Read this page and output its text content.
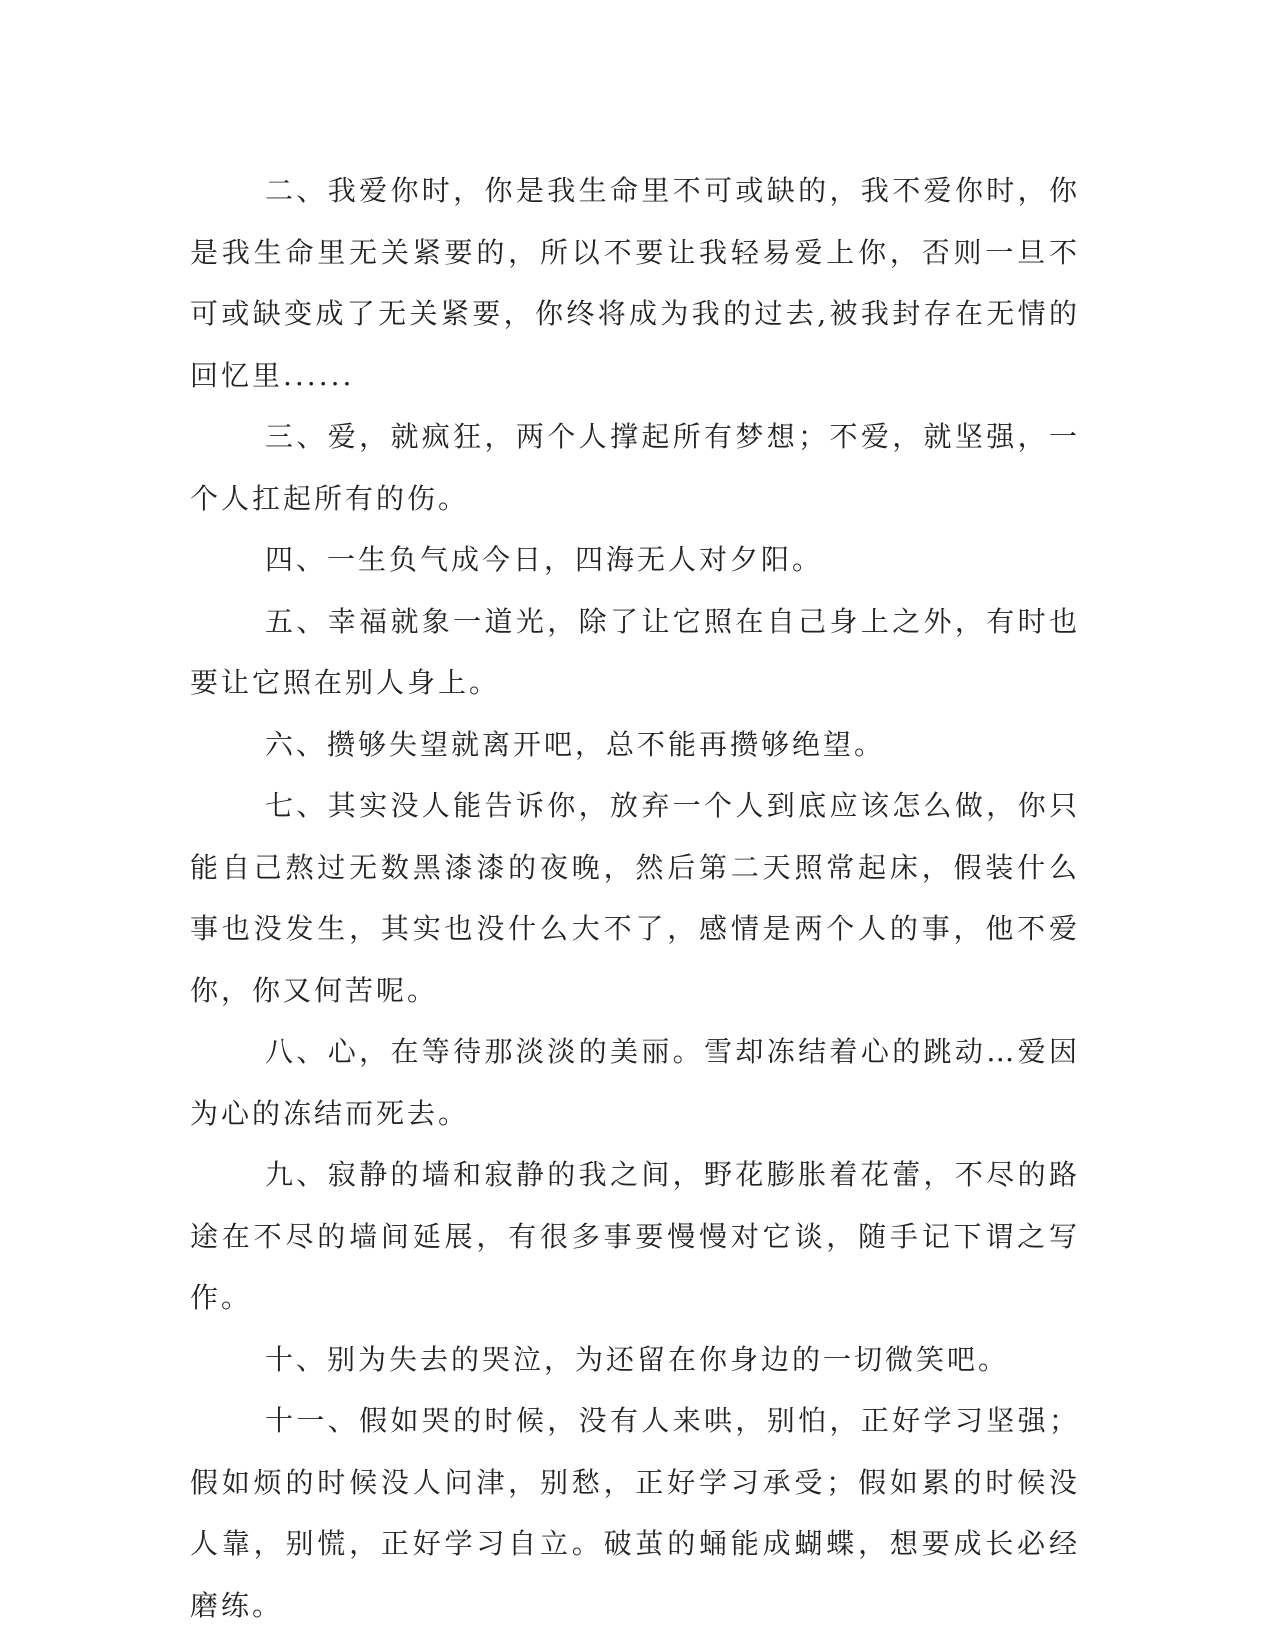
二、我爱你时，你是我生命里不可或缺的，我不爱你时，你是我生命里无关紧要的，所以不要让我轻易爱上你，否则一旦不可或缺变成了无关紧要，你终将成为我的过去,被我封存在无情的回忆里......

三、爱，就疯狂，两个人撑起所有梦想；不爱，就坚强，一个人扛起所有的伤。

四、一生负气成今日，四海无人对夕阳。

五、幸福就象一道光，除了让它照在自己身上之外，有时也要让它照在别人身上。

六、攒够失望就离开吧，总不能再攒够绝望。

七、其实没人能告诉你，放弃一个人到底应该怎么做，你只能自己熬过无数黑漆漆的夜晚，然后第二天照常起床，假装什么事也没发生，其实也没什么大不了，感情是两个人的事，他不爱你，你又何苦呢。

八、心，在等待那淡淡的美丽。雪却冻结着心的跳动…爱因为心的冻结而死去。

九、寂静的墙和寂静的我之间，野花膨胀着花蕾，不尽的路途在不尽的墙间延展，有很多事要慢慢对它谈，随手记下谓之写作。

十、别为失去的哭泣，为还留在你身边的一切微笑吧。

十一、假如哭的时候，没有人来哄，别怕，正好学习坚强；假如烦的时候没人问津，别愁，正好学习承受；假如累的时候没人靠，别慌，正好学习自立。破茧的蛹能成蝴蝶，想要成长必经磨练。
